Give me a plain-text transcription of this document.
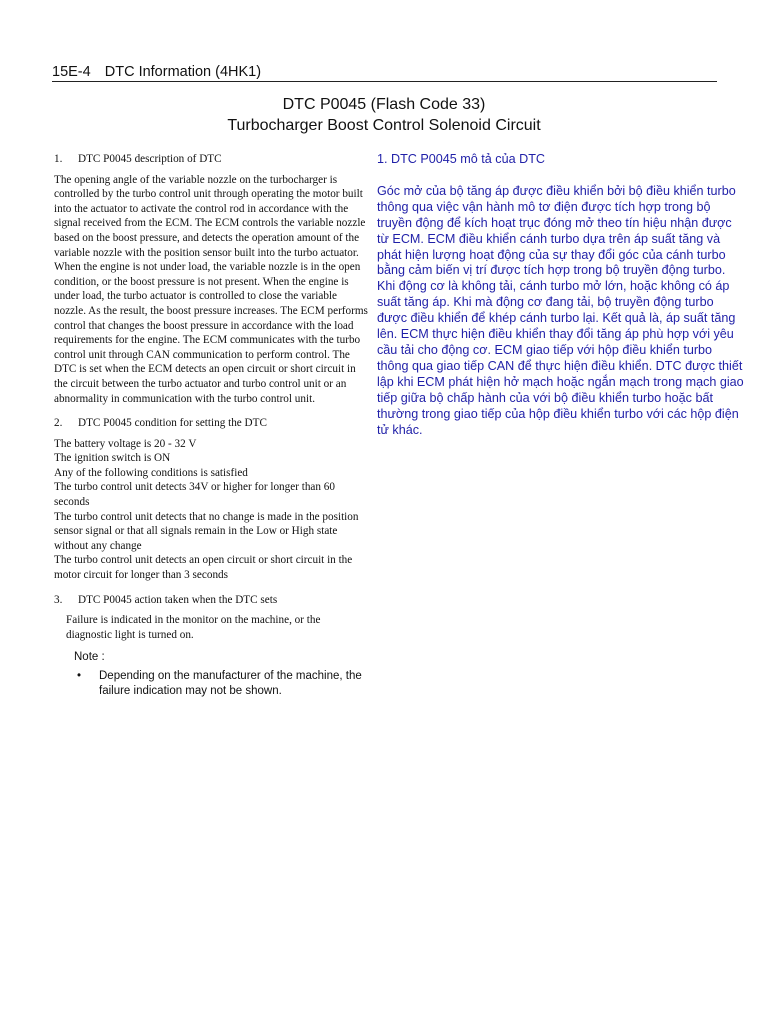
15E-4 DTC Information (4HK1)
DTC P0045 (Flash Code 33)
Turbocharger Boost Control Solenoid Circuit
1.	DTC P0045 description of DTC
The opening angle of the variable nozzle on the turbocharger is controlled by the turbo control unit through operating the motor built into the actuator to activate the control rod in accordance with the signal received from the ECM. The ECM controls the variable nozzle based on the boost pressure, and detects the operation amount of the variable nozzle with the position sensor built into the turbo actuator. When the engine is not under load, the variable nozzle is in the open condition, or the boost pressure is not present. When the engine is under load, the turbo actuator is controlled to close the variable nozzle. As the result, the boost pressure increases. The ECM performs control that changes the boost pressure in accordance with the load requirements for the engine. The ECM communicates with the turbo control unit through CAN communication to perform control. The DTC is set when the ECM detects an open circuit or short circuit in the circuit between the turbo actuator and turbo control unit or an abnormality in communication with the turbo control unit.
2.	DTC P0045 condition for setting the DTC
The battery voltage is 20 - 32 V
The ignition switch is ON
Any of the following conditions is satisfied
The turbo control unit detects 34V or higher for longer than 60 seconds
The turbo control unit detects that no change is made in the position sensor signal or that all signals remain in the Low or High state without any change
The turbo control unit detects an open circuit or short circuit in the motor circuit for longer than 3 seconds
3.	DTC P0045 action taken when the DTC sets
Failure is indicated in the monitor on the machine, or the diagnostic light is turned on.
Note :
•	Depending on the manufacturer of the machine, the failure indication may not be shown.
1. DTC P0045 mô tả của DTC
Góc mở của bộ tăng áp được điều khiển bởi bộ điều khiển turbo thông qua việc vận hành mô tơ điện được tích hợp trong bộ truyền động để kích hoạt trục đóng mở theo tín hiệu nhận được từ ECM. ECM điều khiển cánh turbo dựa trên áp suất tăng và phát hiện lượng hoạt động của sự thay đổi góc của cánh turbo bằng cảm biến vị trí được tích hợp trong bộ truyền động turbo. Khi động cơ là không tải, cánh turbo mở lớn, hoặc không có áp suất tăng áp. Khi mà động cơ đang tải, bộ truyền động turbo được điều khiển để khép cánh turbo lại. Kết quả là, áp suất tăng lên. ECM thực hiện điều khiển thay đổi tăng áp phù hợp với yêu cầu tải cho động cơ. ECM giao tiếp với hộp điều khiển turbo thông qua giao tiếp CAN để thực hiện điều khiển. DTC được thiết lập khi ECM phát hiện hở mạch hoặc ngắn mạch trong mạch giao tiếp giữa bộ chấp hành của với bộ điều khiển turbo hoặc bất thường trong giao tiếp của hộp điều khiển turbo với các hộp điện tử khác.
